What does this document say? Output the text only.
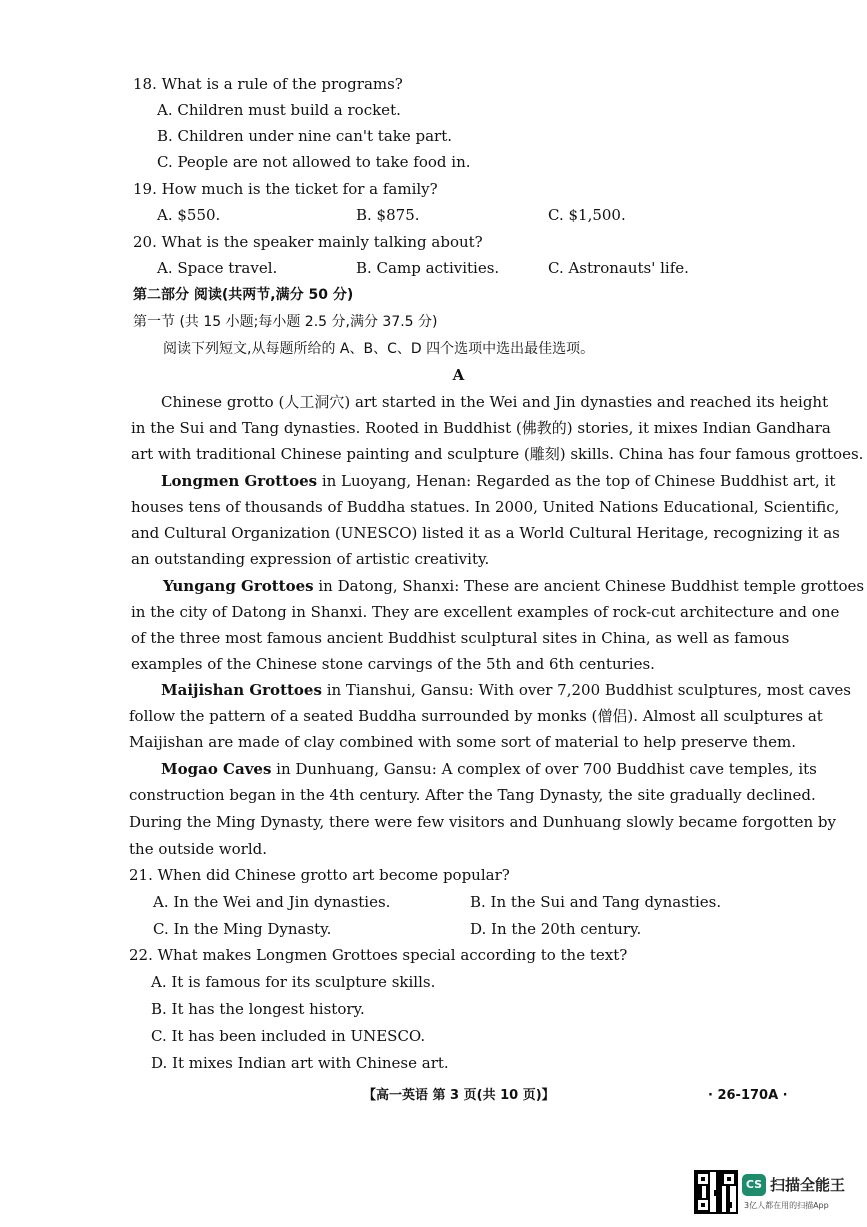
18. What is a rule of the programs?
A. Children must build a rocket.
B. Children under nine can't take part.
C. People are not allowed to take food in.
19. How much is the ticket for a family?
A. $550.	B. $875.	C. $1,500.
20. What is the speaker mainly talking about?
A. Space travel.	B. Camp activities.	C. Astronauts' life.
第二部分 阅读(共两节,满分 50 分)
第一节 (共 15 小题;每小题 2.5 分,满分 37.5 分)
阅读下列短文,从每题所给的 A、B、C、D 四个选项中选出最佳选项。
A
Chinese grotto (人工洞穴) art started in the Wei and Jin dynasties and reached its height
in the Sui and Tang dynasties. Rooted in Buddhist (佛教的) stories, it mixes Indian Gandhara
art with traditional Chinese painting and sculpture (雕刻) skills. China has four famous grottoes.
Longmen Grottoes in Luoyang, Henan: Regarded as the top of Chinese Buddhist art, it
houses tens of thousands of Buddha statues. In 2000, United Nations Educational, Scientific,
and Cultural Organization (UNESCO) listed it as a World Cultural Heritage, recognizing it as
an outstanding expression of artistic creativity.
Yungang Grottoes in Datong, Shanxi: These are ancient Chinese Buddhist temple grottoes
in the city of Datong in Shanxi. They are excellent examples of rock-cut architecture and one
of the three most famous ancient Buddhist sculptural sites in China, as well as famous
examples of the Chinese stone carvings of the 5th and 6th centuries.
Maijishan Grottoes in Tianshui, Gansu: With over 7,200 Buddhist sculptures, most caves
follow the pattern of a seated Buddha surrounded by monks (僧侣). Almost all sculptures at
Maijishan are made of clay combined with some sort of material to help preserve them.
Mogao Caves in Dunhuang, Gansu: A complex of over 700 Buddhist cave temples, its
construction began in the 4th century. After the Tang Dynasty, the site gradually declined.
During the Ming Dynasty, there were few visitors and Dunhuang slowly became forgotten by
the outside world.
21. When did Chinese grotto art become popular?
A. In the Wei and Jin dynasties.	B. In the Sui and Tang dynasties.
C. In the Ming Dynasty.	D. In the 20th century.
22. What makes Longmen Grottoes special according to the text?
A. It is famous for its sculpture skills.
B. It has the longest history.
C. It has been included in UNESCO.
D. It mixes Indian art with Chinese art.
【高一英语 第 3 页(共 10 页)】	· 26-170A ·
CS 扫描全能王
3亿人都在用的扫描App
